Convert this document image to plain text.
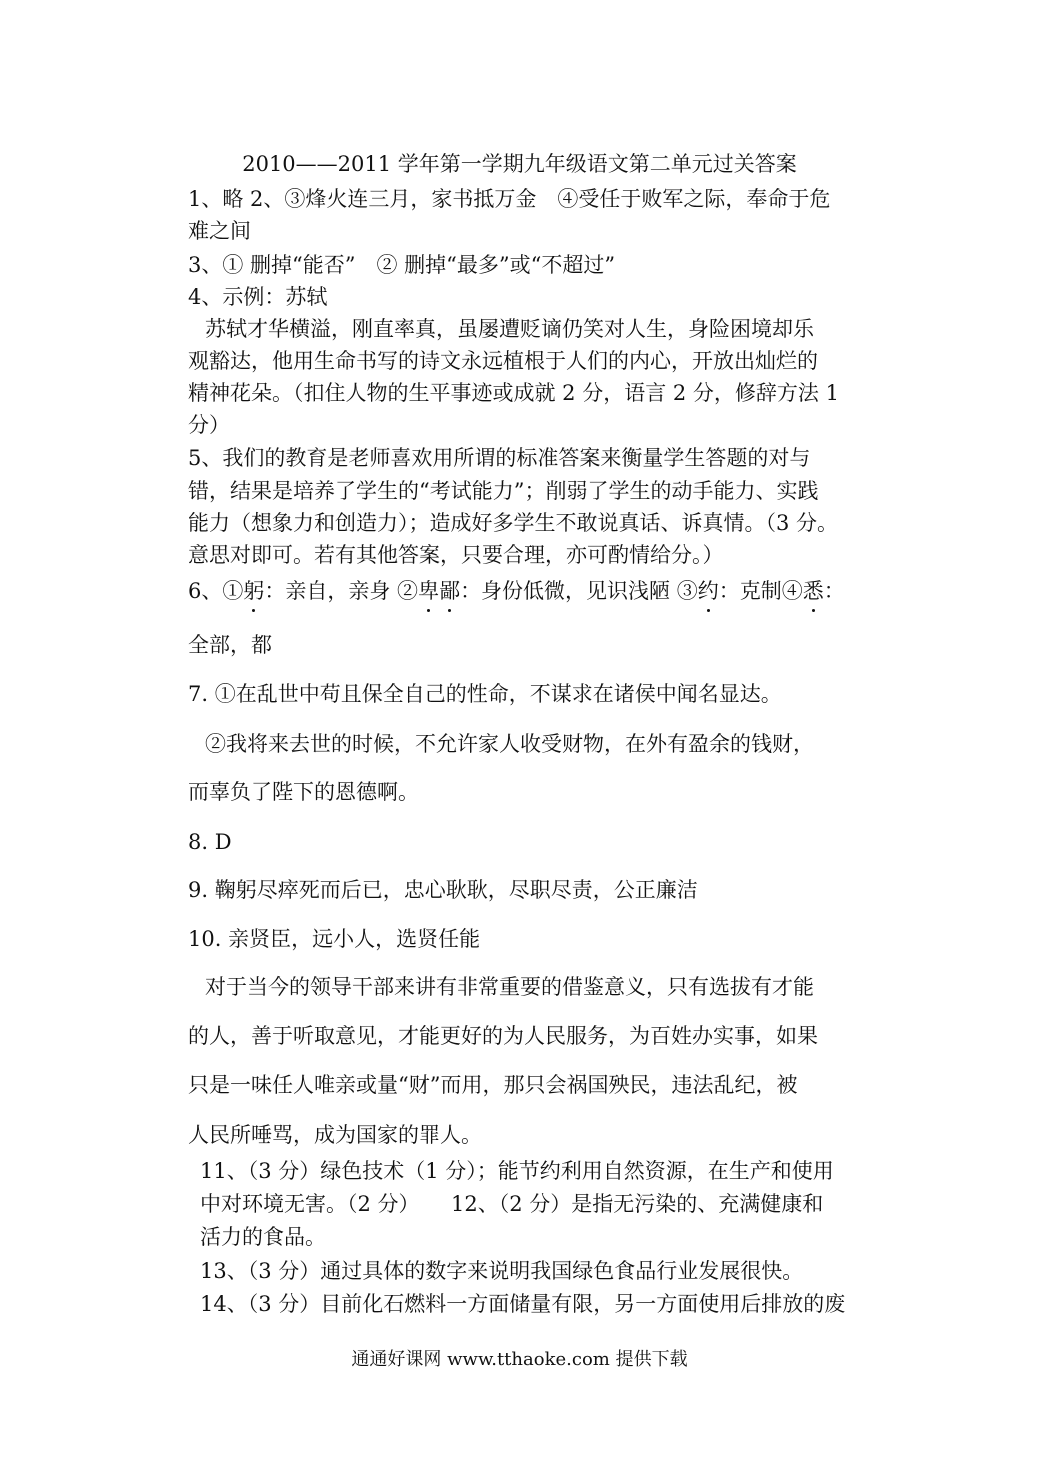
2010——2011 学年第一学期九年级语文第二单元过关答案
1、略 2、③烽火连三月，家书抵万金　④受任于败军之际，奉命于危
难之间
3、① 删掉“能否”　② 删掉“最多”或“不超过”
4、示例：苏轼
苏轼才华横溢，刚直率真，虽屡遭贬谪仍笑对人生，身险困境却乐
观豁达，他用生命书写的诗文永远植根于人们的内心，开放出灿烂的
精神花朵。（扣住人物的生平事迹或成就 2 分，语言 2 分，修辞方法 1
分）
5、我们的教育是老师喜欢用所谓的标准答案来衡量学生答题的对与
错，结果是培养了学生的“考试能力”；削弱了学生的动手能力、实践
能力（想象力和创造力）；造成好多学生不敢说真话、诉真情。（3 分。
意思对即可。若有其他答案，只要合理，亦可酌情给分。）
6、①躬：亲自，亲身 ②卑鄙：身份低微，见识浅陋 ③约：克制④悉：
全部，都
7. ①在乱世中苟且保全自己的性命，不谋求在诸侯中闻名显达。
②我将来去世的时候，不允许家人收受财物，在外有盈余的钱财，
而辜负了陛下的恩德啊。
8. D
9. 鞠躬尽瘁死而后已，忠心耿耿，尽职尽责，公正廉洁
10. 亲贤臣，远小人，选贤任能
对于当今的领导干部来讲有非常重要的借鉴意义，只有选拔有才能
的人，善于听取意见，才能更好的为人民服务，为百姓办实事，如果
只是一味任人唯亲或量“财”而用，那只会祸国殃民，违法乱纪，被
人民所唾骂，成为国家的罪人。
11、（3 分）绿色技术（1 分）；能节约利用自然资源，在生产和使用
中对环境无害。（2 分）　　12、（2 分）是指无污染的、充满健康和
活力的食品。
13、（3 分）通过具体的数字来说明我国绿色食品行业发展很快。
14、（3 分）目前化石燃料一方面储量有限，另一方面使用后排放的废
通通好课网 www.tthaoke.com 提供下载
